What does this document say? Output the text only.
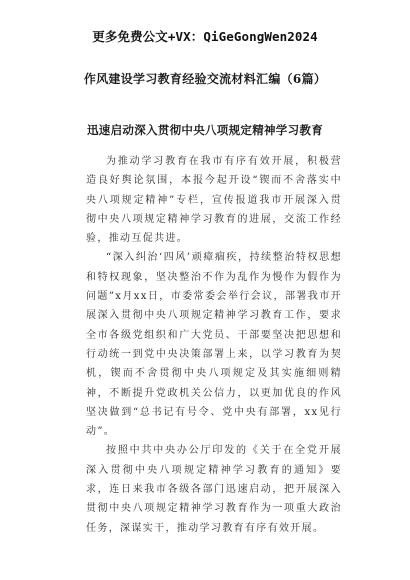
更多免费公文+VX：QiGeGongWen2024
作风建设学习教育经验交流材料汇编（6篇）
迅速启动深入贯彻中央八项规定精神学习教育

为推动学习教育在我市有序有效开展，积极营造良好舆论氛围，本报今起开设“锲而不舍落实中央八项规定精神”专栏，宣传报道我市开展深入贯彻中央八项规定精神学习教育的进展，交流工作经验，推动互促共进。

“深入纠治‘四风’顽瘴痼疾，持续整治特权思想和特权现象，坚决整治不作为乱作为慢作为假作为问题”x月xx日，市委常委会举行会议，部署我市开展深入贯彻中央八项规定精神学习教育工作，要求全市各级党组织和广大党员、干部要坚决把思想和行动统一到党中央决策部署上来，以学习教育为契机，锲而不舍贯彻中央八项规定及其实施细则精神，不断提升党政机关公信力，以更加优良的作风坚决做到“总书记有号令、党中央有部署，xx见行动”。

按照中共中央办公厅印发的《关于在全党开展深入贯彻中央八项规定精神学习教育的通知》要求，连日来我市各级各部门迅速启动，把开展深入贯彻中央八项规定精神学习教育作为一项重大政治任务，深谋实干，推动学习教育有序有效开展。
